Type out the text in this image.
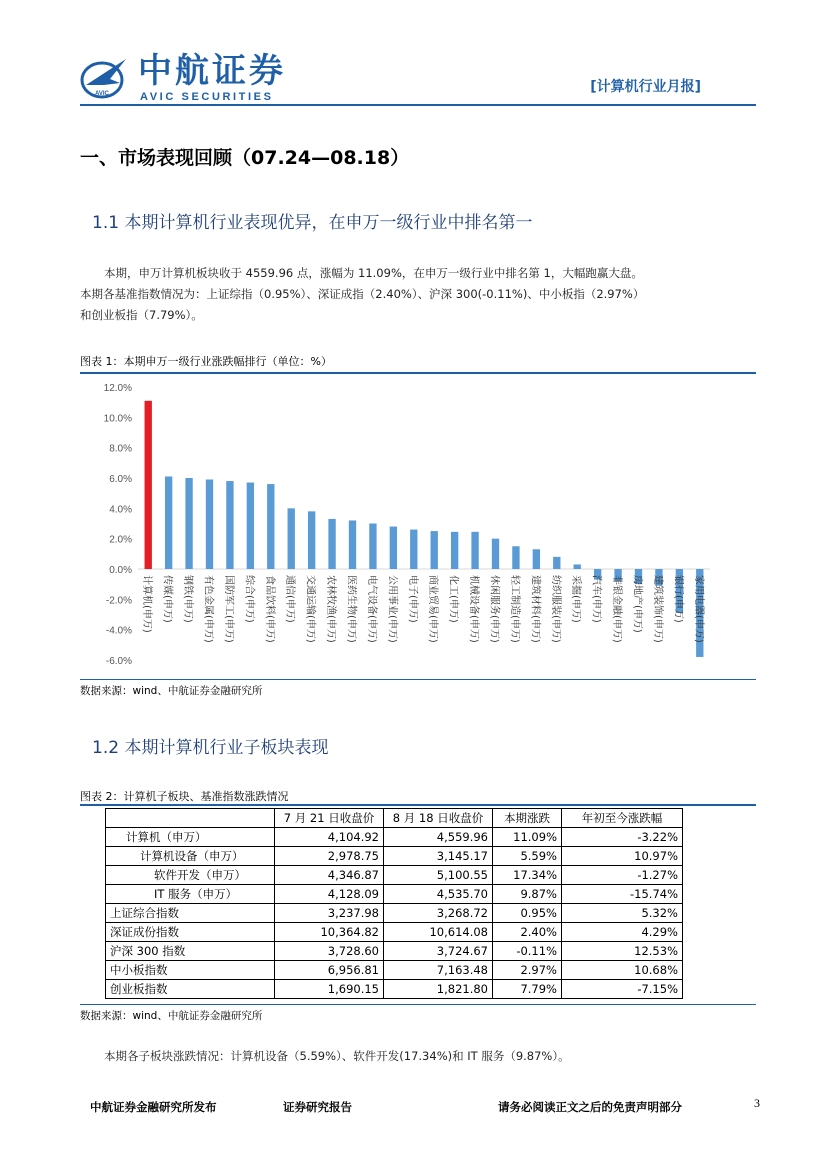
AVIC
中航证券
AVIC SECURITIES
[计算机行业月报]
一、市场表现回顾（07.24—08.18）
1.1 本期计算机行业表现优异，在申万一级行业中排名第一
本期，申万计算机板块收于 4559.96 点，涨幅为 11.09%，在申万一级行业中排名第 1，大幅跑赢大盘。
本期各基准指数情况为：上证综指（0.95%）、深证成指（2.40%）、沪深 300(-0.11%)、中小板指（2.97%）
和创业板指（7.79%）。
图表 1：本期申万一级行业涨跌幅排行（单位：%）
12.0%
10.0%
8.0%
6.0%
4.0%
2.0%
0.0%
-2.0%
-4.0%
-6.0%
计算机(申万) 传媒(申万) 钢铁(申万) 有色金属(申万) 国防军工(申万) 综合(申万) 食品饮料(申万) 通信(申万) 交通运输(申万) 农林牧渔(申万) 医药生物(申万) 电气设备(申万) 公用事业(申万) 电子(申万) 商业贸易(申万) 化工(申万) 机械设备(申万) 休闲服务(申万) 轻工制造(申万) 建筑材料(申万) 纺织服装(申万) 采掘(申万) 汽车(申万) 非银金融(申万) 房地产(申万) 建筑装饰(申万) 银行(申万) 家用电器(申万)
数据来源：wind、中航证券金融研究所
1.2 本期计算机行业子板块表现
图表 2：计算机子板块、基准指数涨跌情况
	7 月 21 日收盘价	8 月 18 日收盘价	本期涨跌	年初至今涨跌幅
计算机（申万）	4,104.92	4,559.96	11.09%	-3.22%
计算机设备（申万）	2,978.75	3,145.17	5.59%	10.97%
软件开发（申万）	4,346.87	5,100.55	17.34%	-1.27%
IT 服务（申万）	4,128.09	4,535.70	9.87%	-15.74%
上证综合指数	3,237.98	3,268.72	0.95%	5.32%
深证成份指数	10,364.82	10,614.08	2.40%	4.29%
沪深 300 指数	3,728.60	3,724.67	-0.11%	12.53%
中小板指数	6,956.81	7,163.48	2.97%	10.68%
创业板指数	1,690.15	1,821.80	7.79%	-7.15%
数据来源：wind、中航证券金融研究所
本期各子板块涨跌情况：计算机设备（5.59%）、软件开发(17.34%)和 IT 服务（9.87%）。
中航证券金融研究所发布	证券研究报告	请务必阅读正文之后的免责声明部分	3
